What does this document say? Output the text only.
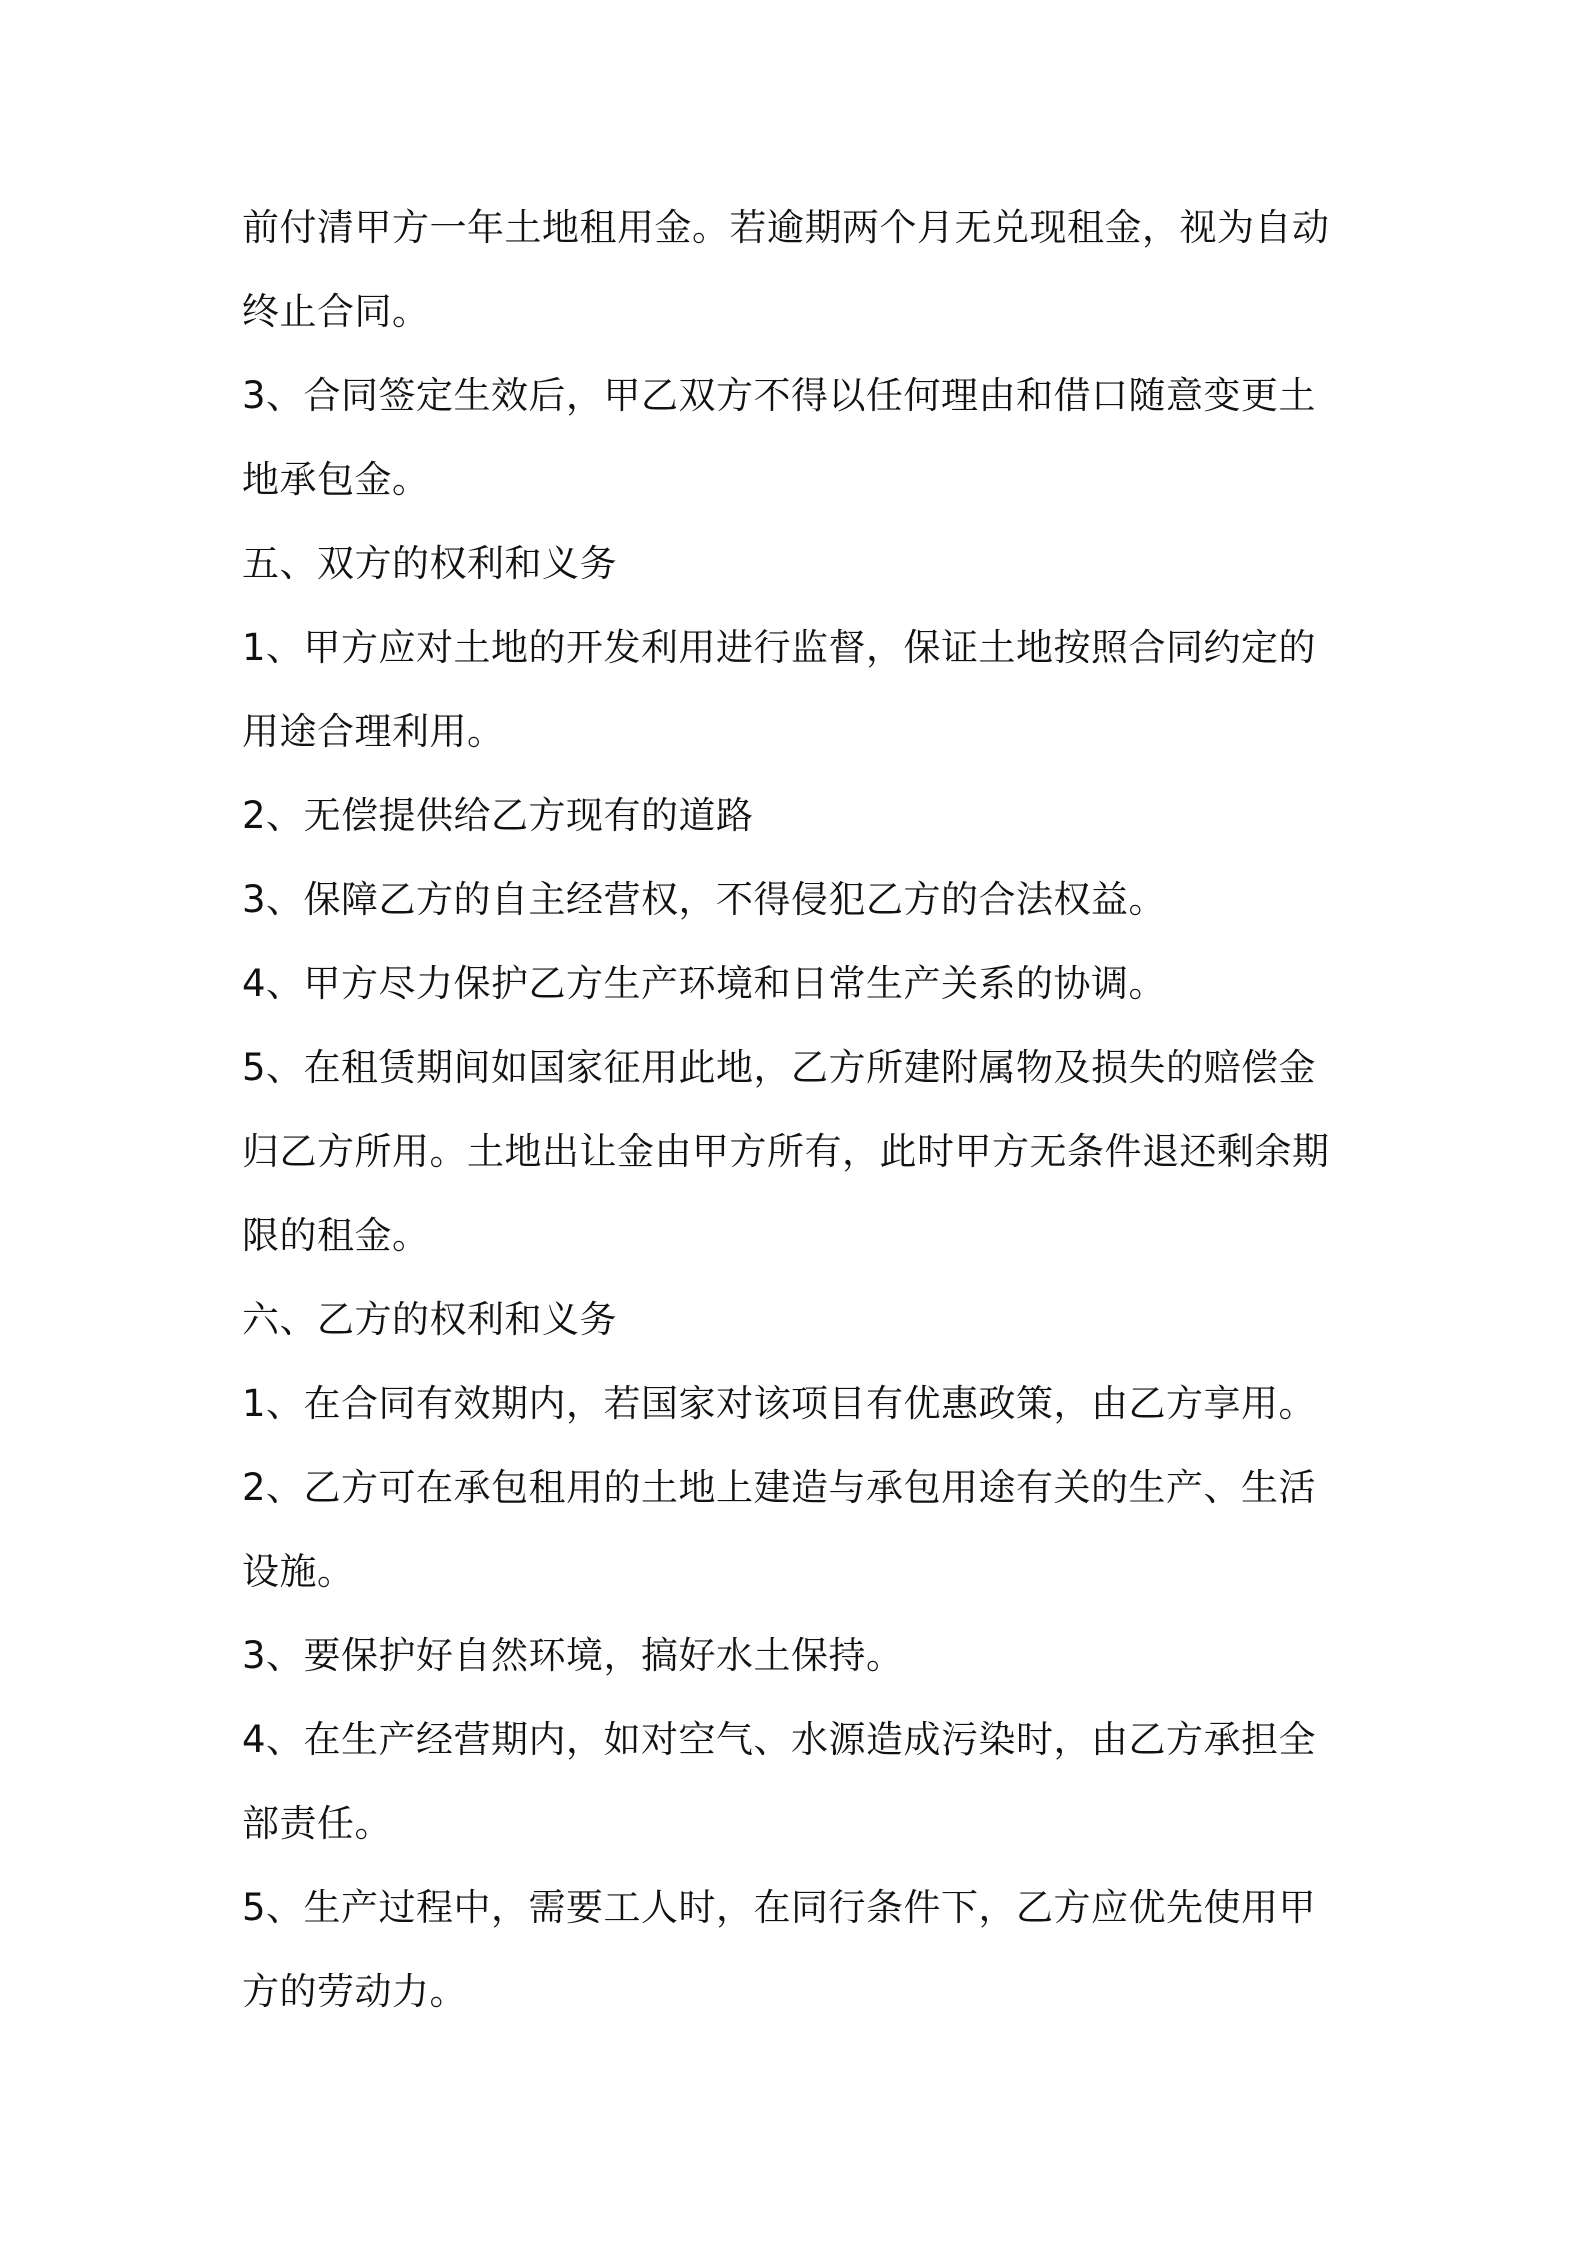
前付清甲方一年土地租用金。若逾期两个月无兑现租金，视为自动终止合同。

3、合同签定生效后，甲乙双方不得以任何理由和借口随意变更土地承包金。

五、双方的权利和义务

1、甲方应对土地的开发利用进行监督，保证土地按照合同约定的用途合理利用。

2、无偿提供给乙方现有的道路

3、保障乙方的自主经营权，不得侵犯乙方的合法权益。

4、甲方尽力保护乙方生产环境和日常生产关系的协调。

5、在租赁期间如国家征用此地，乙方所建附属物及损失的赔偿金归乙方所用。土地出让金由甲方所有，此时甲方无条件退还剩余期限的租金。

六、乙方的权利和义务

1、在合同有效期内，若国家对该项目有优惠政策，由乙方享用。

2、乙方可在承包租用的土地上建造与承包用途有关的生产、生活设施。

3、要保护好自然环境，搞好水土保持。

4、在生产经营期内，如对空气、水源造成污染时，由乙方承担全部责任。

5、生产过程中，需要工人时，在同行条件下，乙方应优先使用甲方的劳动力。
